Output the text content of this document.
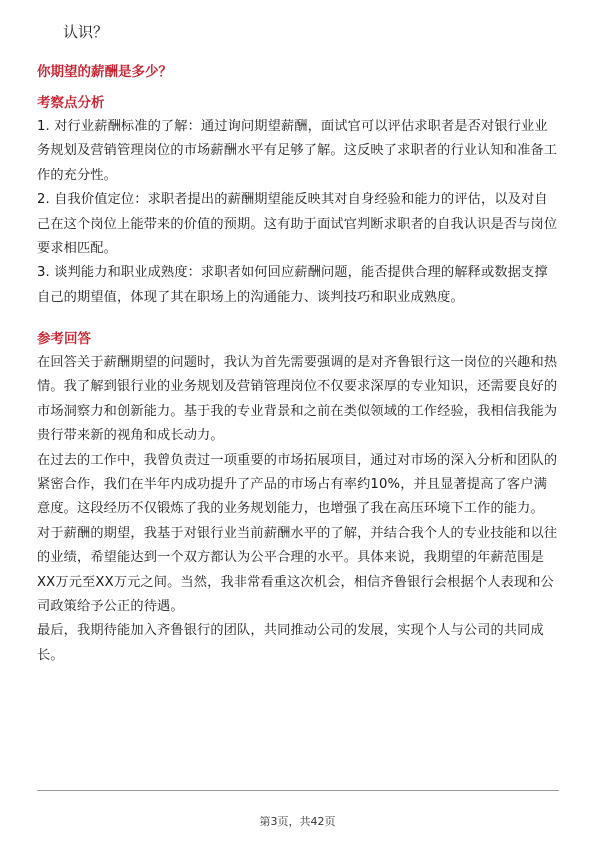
认识？
你期望的薪酬是多少？
考察点分析

1. 对行业薪酬标准的了解：通过询问期望薪酬，面试官可以评估求职者是否对银行业业务规划及营销管理岗位的市场薪酬水平有足够了解。这反映了求职者的行业认知和准备工作的充分性。

2. 自我价值定位：求职者提出的薪酬期望能反映其对自身经验和能力的评估，以及对自己在这个岗位上能带来的价值的预期。这有助于面试官判断求职者的自我认识是否与岗位要求相匹配。

3. 谈判能力和职业成熟度：求职者如何回应薪酬问题，能否提供合理的解释或数据支撑自己的期望值，体现了其在职场上的沟通能力、谈判技巧和职业成熟度。

参考回答

在回答关于薪酬期望的问题时，我认为首先需要强调的是对齐鲁银行这一岗位的兴趣和热情。我了解到银行业的业务规划及营销管理岗位不仅要求深厚的专业知识，还需要良好的市场洞察力和创新能力。基于我的专业背景和之前在类似领域的工作经验，我相信我能为贵行带来新的视角和成长动力。

在过去的工作中，我曾负责过一项重要的市场拓展项目，通过对市场的深入分析和团队的紧密合作，我们在半年内成功提升了产品的市场占有率约10%，并且显著提高了客户满意度。这段经历不仅锻炼了我的业务规划能力，也增强了我在高压环境下工作的能力。

对于薪酬的期望，我基于对银行业当前薪酬水平的了解，并结合我个人的专业技能和以往的业绩，希望能达到一个双方都认为公平合理的水平。具体来说，我期望的年薪范围是XX万元至XX万元之间。当然，我非常看重这次机会，相信齐鲁银行会根据个人表现和公司政策给予公正的待遇。

最后，我期待能加入齐鲁银行的团队，共同推动公司的发展，实现个人与公司的共同成长。

第3页，共42页
